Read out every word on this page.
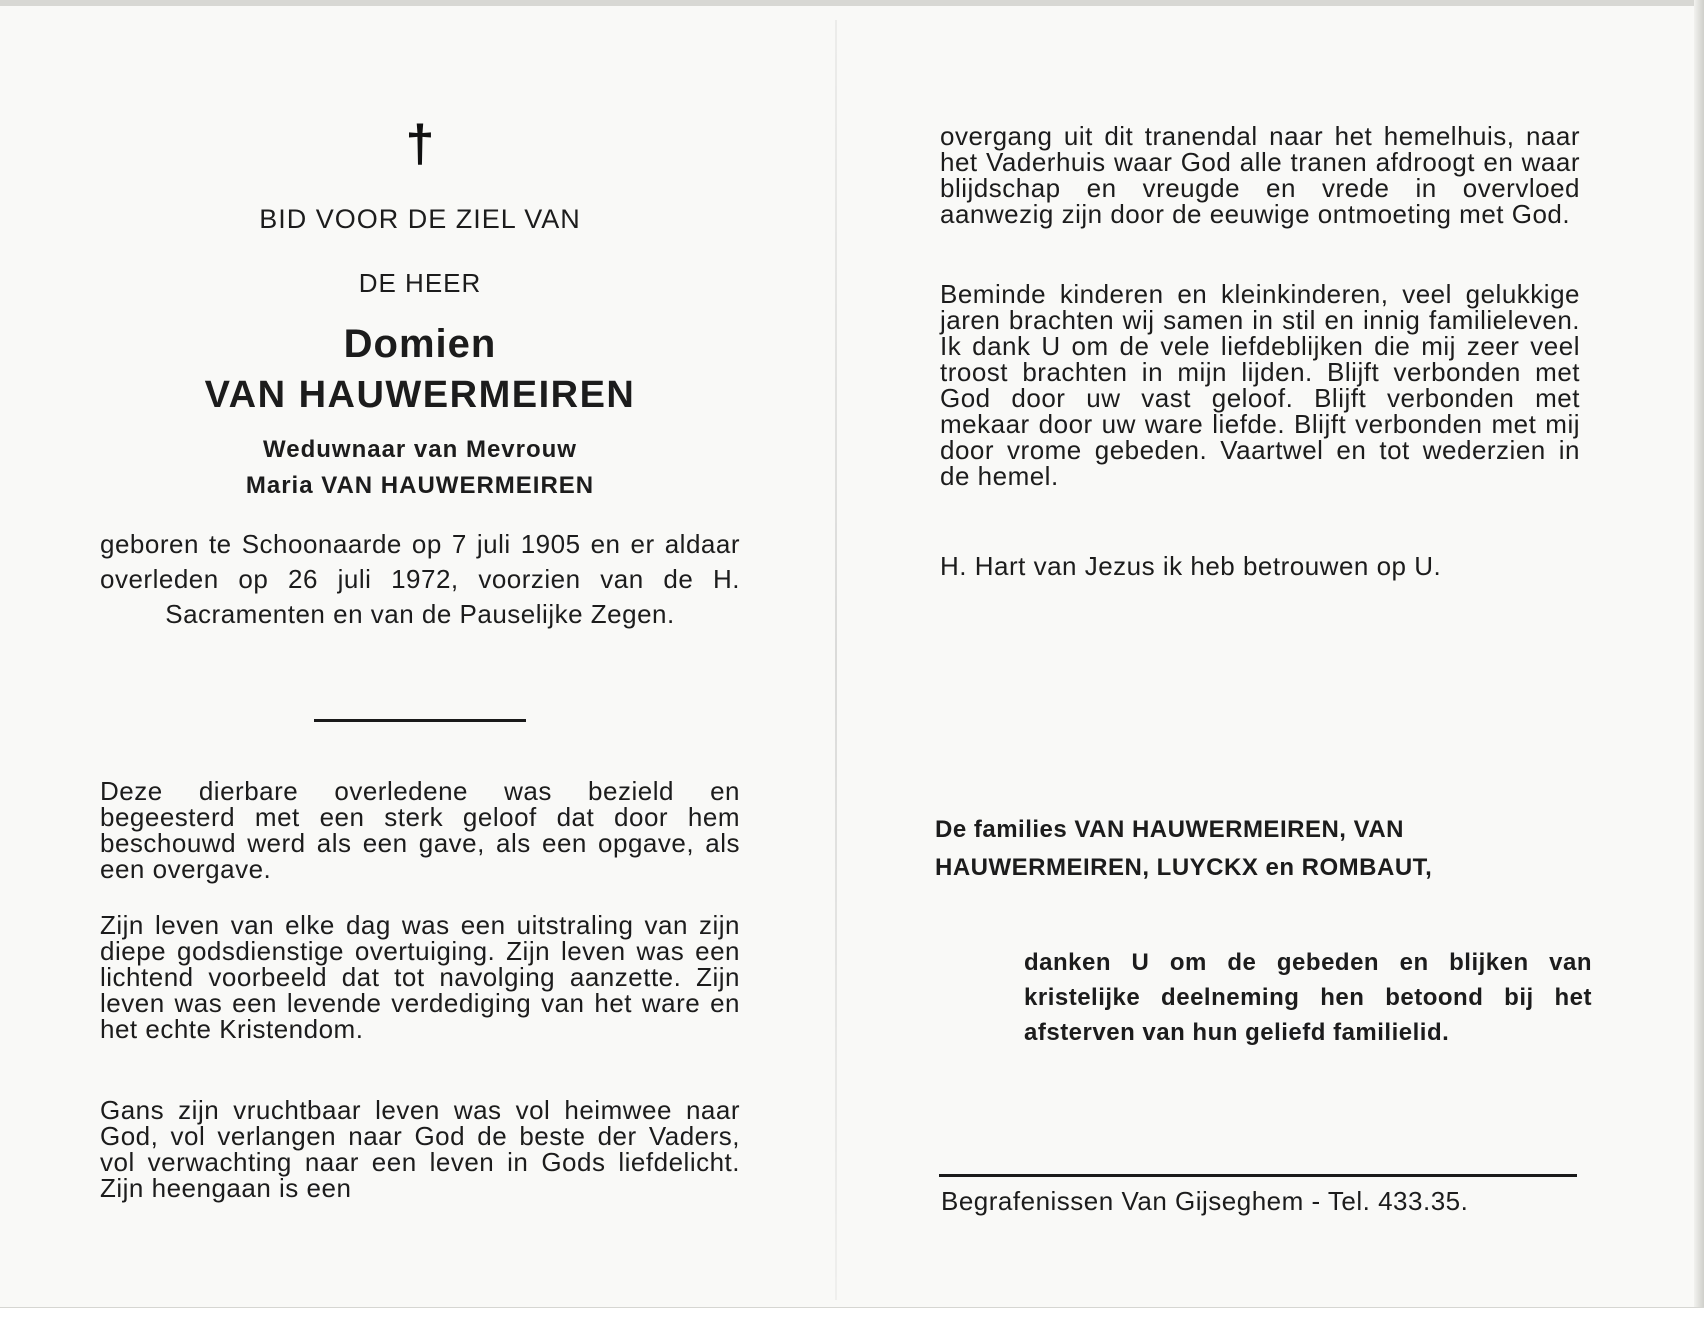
†
BID VOOR DE ZIEL VAN
DE HEER
Domien
VAN HAUWERMEIREN
Weduwnaar van Mevrouw
Maria VAN HAUWERMEIREN
geboren te Schoonaarde op 7 juli 1905 en er aldaar overleden op 26 juli 1972, voorzien van de H. Sacramenten en van de Pauselijke Zegen.
Deze dierbare overledene was bezield en begeesterd met een sterk geloof dat door hem beschouwd werd als een gave, als een opgave, als een overgave.
Zijn leven van elke dag was een uitstraling van zijn diepe godsdienstige overtuiging. Zijn leven was een lichtend voorbeeld dat tot navolging aanzette. Zijn leven was een levende verdediging van het ware en het echte Kristendom.
Gans zijn vruchtbaar leven was vol heimwee naar God, vol verlangen naar God de beste der Vaders, vol verwachting naar een leven in Gods liefdelicht. Zijn heengaan is een
overgang uit dit tranendal naar het hemelhuis, naar het Vaderhuis waar God alle tranen afdroogt en waar blijdschap en vreugde en vrede in overvloed aanwezig zijn door de eeuwige ontmoeting met God.
Beminde kinderen en kleinkinderen, veel gelukkige jaren brachten wij samen in stil en innig familieleven. Ik dank U om de vele liefdeblijken die mij zeer veel troost brachten in mijn lijden. Blijft verbonden met God door uw vast geloof. Blijft verbonden met mekaar door uw ware liefde. Blijft verbonden met mij door vrome gebeden. Vaartwel en tot wederzien in de hemel.
H. Hart van Jezus ik heb betrouwen op U.
De families VAN HAUWERMEIREN, VAN HAUWERMEIREN, LUYCKX en ROMBAUT,
danken U om de gebeden en blijken van kristelijke deelneming hen betoond bij het afsterven van hun geliefd familielid.
Begrafenissen Van Gijseghem - Tel. 433.35.
